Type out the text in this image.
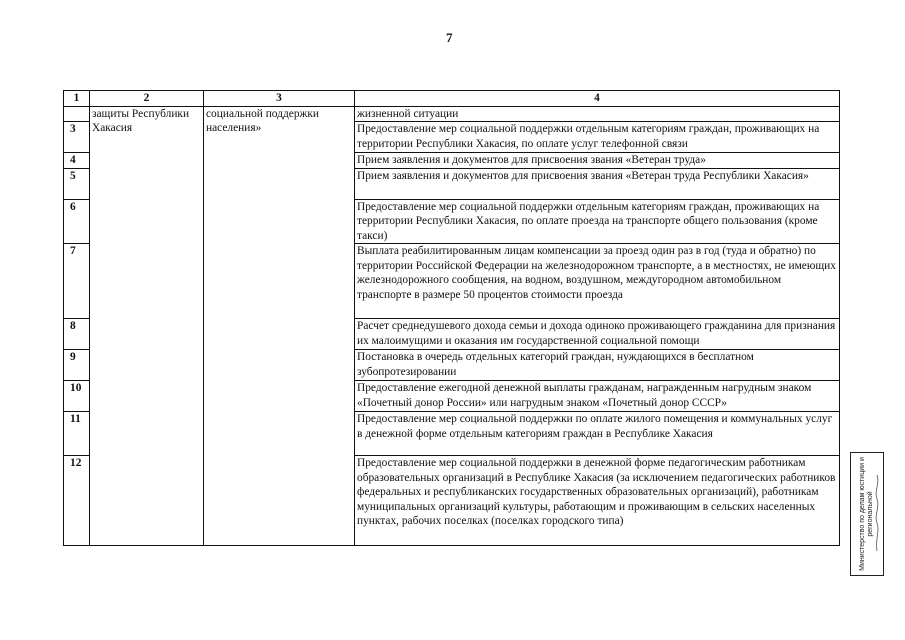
7
1	2	3	4
	защиты Республики Хакасия	социальной поддержки населения»	жизненной ситуации
3			Предоставление мер социальной поддержки отдельным категориям граждан, проживающих на территории Республики Хакасия, по оплате услуг телефонной связи
4			Прием заявления и документов для присвоения звания «Ветеран труда»
5			Прием заявления и документов для присвоения звания «Ветеран труда Республики Хакасия»
6			Предоставление мер социальной поддержки отдельным категориям граждан, проживающих на территории Республики Хакасия, по оплате проезда на транспорте общего пользования (кроме такси)
7			Выплата реабилитированным лицам компенсации за проезд один раз в год (туда и обратно) по территории Российской Федерации на железнодорожном транспорте, а в местностях, не имеющих железнодорожного сообщения, на водном, воздушном, междугородном автомобильном транспорте в размере 50 процентов стоимости проезда
8			Расчет среднедушевого дохода семьи и дохода одиноко проживающего гражданина для признания их малоимущими и оказания им государственной социальной помощи
9			Постановка в очередь отдельных категорий граждан, нуждающихся в бесплатном зубопротезировании
10			Предоставление ежегодной денежной выплаты гражданам, награжденным нагрудным знаком «Почетный донор России» или нагрудным знаком «Почетный донор СССР»
11			Предоставление мер социальной поддержки по оплате жилого помещения и коммунальных услуг в денежной форме отдельным категориям граждан в Республике Хакасия
12			Предоставление мер социальной поддержки в денежной форме педагогическим работникам образовательных организаций в Республике Хакасия (за исключением педагогических работников федеральных и республиканских государственных образовательных организаций), работникам муниципальных организаций культуры, работающим и проживающим в сельских населенных пунктах, рабочих поселках (поселках городского типа)	Министерство по делам юстиции и региональной
